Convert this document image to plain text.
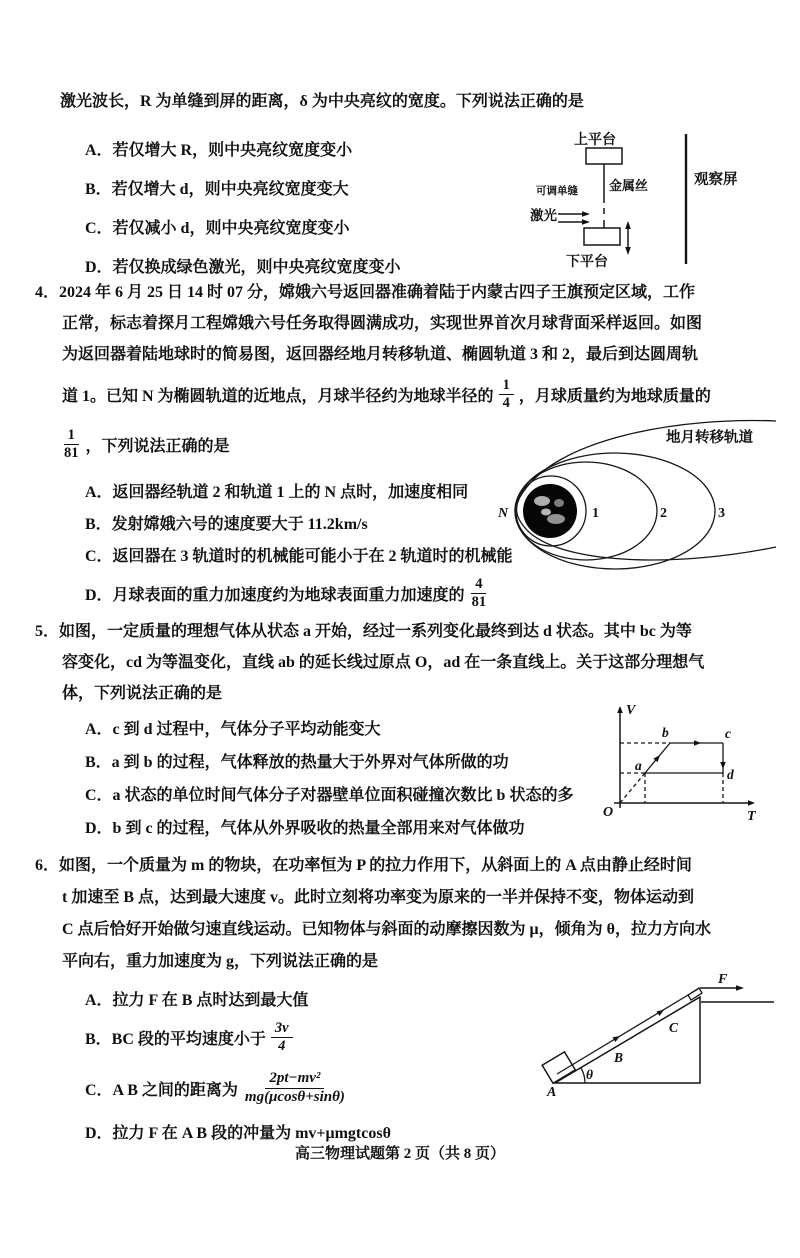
激光波长，R 为单缝到屏的距离，δ 为中央亮纹的宽度。下列说法正确的是
A．若仅增大 R，则中央亮纹宽度变小
B．若仅增大 d，则中央亮纹宽度变大
C．若仅减小 d，则中央亮纹宽度变小
D．若仅换成绿色激光，则中央亮纹宽度变小
上平台
金属丝
可调单缝
激光
下平台
观察屏
4．2024 年 6 月 25 日 14 时 07 分，嫦娥六号返回器准确着陆于内蒙古四子王旗预定区域，工作
正常，标志着探月工程嫦娥六号任务取得圆满成功，实现世界首次月球背面采样返回。如图
为返回器着陆地球时的简易图，返回器经地月转移轨道、椭圆轨道 3 和 2，最后到达圆周轨
道 1。已知 N 为椭圆轨道的近地点，月球半径约为地球半径的 $\frac{1}{4}$ ，月球质量约为地球质量的
$\frac{1}{81}$ ，下列说法正确的是
A．返回器经轨道 2 和轨道 1 上的 N 点时，加速度相同
B．发射嫦娥六号的速度要大于 11.2km/s
C．返回器在 3 轨道时的机械能可能小于在 2 轨道时的机械能
D．月球表面的重力加速度约为地球表面重力加速度的 $\frac{4}{81}$
N	1	2	3
地月转移轨道
5．如图，一定质量的理想气体从状态 a 开始，经过一系列变化最终到达 d 状态。其中 bc 为等
容变化，cd 为等温变化，直线 ab 的延长线过原点 O，ad 在一条直线上。关于这部分理想气
体，下列说法正确的是
A．c 到 d 过程中，气体分子平均动能变大
B．a 到 b 的过程，气体释放的热量大于外界对气体所做的功
C．a 状态的单位时间气体分子对器壁单位面积碰撞次数比 b 状态的多
D．b 到 c 的过程，气体从外界吸收的热量全部用来对气体做功
a
b	c
d
V
T
O
6．如图，一个质量为 m 的物块，在功率恒为 P 的拉力作用下，从斜面上的 A 点由静止经时间
t 加速至 B 点，达到最大速度 v。此时立刻将功率变为原来的一半并保持不变，物体运动到
C 点后恰好开始做匀速直线运动。已知物体与斜面的动摩擦因数为 μ，倾角为 θ，拉力方向水
平向右，重力加速度为 g，下列说法正确的是
A．拉力 F 在 B 点时达到最大值
B．BC 段的平均速度小于 $\frac{3v}{4}$
C．A B 之间的距离为 $\frac{\text{2pt−mv²}}{mg(\mu\cos\theta+\sin\theta)}$
D．拉力 F 在 A B 段的冲量为 mv+μmgtcosθ
θ
A
B
C
F
高三物理试题第 2 页（共 8 页）
